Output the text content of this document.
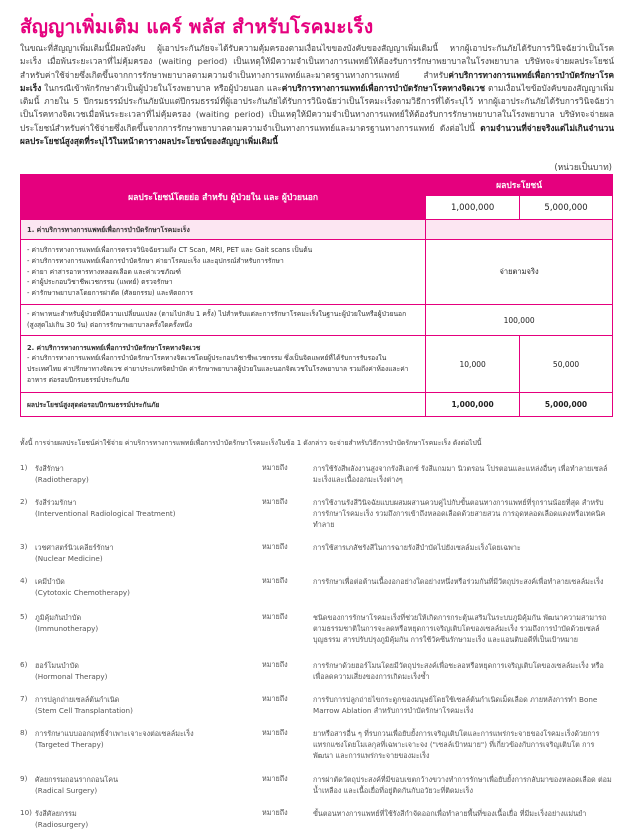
สัญญาเพิ่มเติม แคร์ พลัส สำหรับโรคมะเร็ง
ในขณะที่สัญญาเพิ่มเติมนี้มีผลบังคับ ผู้เอาประกันภัยจะได้รับความคุ้มครองตามเงื่อนไขของบังคับของสัญญาเพิ่มเติมนี้ หากผู้เอาประกันภัยได้รับการวินิจฉัยว่าเป็นโรคมะเร็ง เมื่อพ้นระยะเวลาที่ไม่คุ้มครอง (waiting period) เป็นเหตุให้มีความจำเป็นทางการแพทย์ให้ต้องรับการรักษาพยาบาลในโรงพยาบาล บริษัทจะจ่ายผลประโยชน์สำหรับค่าใช้จ่ายซึ่งเกิดขึ้นจากการรักษาพยาบาลตามความจำเป็นทางการแพทย์และมาตรฐานทางการแพทย์ สำหรับค่าบริการทางการแพทย์เพื่อการบำบัดรักษาโรคมะเร็ง ในกรณีเข้าพักรักษาตัวเป็นผู้ป่วยในโรงพยาบาล หรือผู้ป่วยนอก และค่าบริการทางการแพทย์เพื่อการบำบัดรักษาโรคทางจิตเวช ตามเงื่อนไขข้อบังคับของสัญญาเพิ่มเติมนี้ ภายใน 5 ปีกรมธรรม์ประกันภัยนับแต่ปีกรมธรรม์ที่ผู้เอาประกันภัยได้รับการวินิจฉัยว่าเป็นโรคมะเร็งตามวิธีการที่ได้ระบุไว้ หากผู้เอาประกันภัยได้รับการวินิจฉัยว่าเป็นโรคทางจิตเวชเมื่อพ้นระยะเวลาที่ไม่คุ้มครอง (waiting period) เป็นเหตุให้มีความจำเป็นทางการแพทย์ให้ต้องรับการรักษาพยาบาลในโรงพยาบาล บริษัทจะจ่ายผลประโยชน์สำหรับค่าใช้จ่ายซึ่งเกิดขึ้นจากการรักษาพยาบาลตามความจำเป็นทางการแพทย์และมาตรฐานทางการแพทย์ ดังต่อไปนี้ ตามจำนวนที่จ่ายจริงแต่ไม่เกินจำนวนผลประโยชน์สูงสุดที่ระบุไว้ในหน้าตารางผลประโยชน์ของสัญญาเพิ่มเติมนี้
(หน่วยเป็นบาท)
ผลประโยชน์โดยย่อ สำหรับ ผู้ป่วยใน และ ผู้ป่วยนอก	ผลประโยชน์	
	1,000,000	5,000,000
1. ค่าบริการทางการแพทย์เพื่อการบำบัดรักษาโรคมะเร็ง		

- ค่าบริการทางการแพทย์เพื่อการตรวจวินิจฉัยรวมถึง CT Scan, MRI, PET และ Gait scans เป็นต้น
- ค่าบริการทางการแพทย์เพื่อการบำบัดรักษา ค่ายาโรคมะเร็ง และอุปกรณ์สำหรับการรักษา
- ค่ายา ค่าสารอาหารทางหลอดเลือด และค่าเวชภัณฑ์
- ค่าผู้ประกอบวิชาชีพเวชกรรม (แพทย์) ตรวจรักษา
- ค่ารักษาพยาบาลโดยการผ่าตัด (ศัลยกรรม) และหัตถการ	จ่ายตามจริง	

- ค่าพาหนะสำหรับผู้ป่วยที่มีความเปลี่ยนแปลง (ตามไปกลับ 1 ครั้ง) ไปสำหรับแต่ละการรักษาโรคมะเร็งในฐานะผู้ป่วยในหรือผู้ป่วยนอก (สูงสุดไม่เกิน 30 วัน) ต่อการรักษาพยาบาลครั้งใดครั้งหนึ่ง	100,000	

2. ค่าบริการทางการแพทย์เพื่อการบำบัดรักษาโรคทางจิตเวช
- ค่าบริการทางการแพทย์เพื่อการบำบัดรักษาโรคทางจิตเวชโดยผู้ประกอบวิชาชีพเวชกรรม ซึ่งเป็นจิตแพทย์ที่ได้รับการรับรองในประเทศไทย ค่าปรึกษาทางจิตเวช ค่ายาประเภทจิตบำบัด ค่ารักษาพยาบาลผู้ป่วยในและนอกจิตเวชในโรงพยาบาล รวมถึงค่าห้องและค่าอาหาร ต่อรอบปีกรมธรรม์ประกันภัย	10,000	50,000
ผลประโยชน์สูงสุดต่อรอบปีกรมธรรม์ประกันภัย	1,000,000	5,000,000
ทั้งนี้ การจ่ายผลประโยชน์ค่าใช้จ่าย ค่าบริการทางการแพทย์เพื่อการบำบัดรักษาโรคมะเร็งในข้อ 1 ดังกล่าว จะจ่ายสำหรับวิธีการบำบัดรักษาโรคมะเร็ง ดังต่อไปนี้
1)	รังสีรักษา
(Radiotherapy)
หมายถึง	การใช้รังสีพลังงานสูงจากรังสีเอกซ์ รังสีแกมมา นิวตรอน โปรตอนและแหล่งอื่นๆ เพื่อทำลายเซลล์มะเร็งและเนื้องอกมะเร็งต่างๆ
2)	รังสีร่วมรักษา
(Interventional Radiological Treatment)
หมายถึง	การใช้งานรังสีวินิจฉัยแบบผสมผสานควบคู่ไปกับขั้นตอนทางการแพทย์ที่รุกรานน้อยที่สุด สำหรับการรักษาโรคมะเร็ง รวมถึงการเข้าถึงหลอดเลือดด้วยสายสวน การอุดหลอดเลือดแดงหรือเทคนิคทำลาย
3)	เวชศาสตร์นิวเคลียร์รักษา
(Nuclear Medicine)
หมายถึง	การใช้สารเภสัชรังสีในการฉายรังสีบำบัดไปยังเซลล์มะเร็งโดยเฉพาะ
4)	เคมีบำบัด
(Cytotoxic Chemotherapy)
หมายถึง	การรักษาเพื่อต่อต้านเนื้องอกอย่างใดอย่างหนึ่งหรือร่วมกันที่มีวัตถุประสงค์เพื่อทำลายเซลล์มะเร็ง
5)	ภูมิคุ้มกันบำบัด
(Immunotherapy)
หมายถึง	ชนิดของการรักษาโรคมะเร็งที่ช่วยให้เกิดการกระตุ้นเสริมในระบบภูมิคุ้มกัน พัฒนาความสามารถตามธรรมชาติในการจะลดหรือหยุดการเจริญเติบโตของเซลล์มะเร็ง รวมถึงการบำบัดด้วยเซลล์ บุญธรรม สารปรับปรุงภูมิคุ้มกัน การใช้วัคซีนรักษามะเร็ง และแอนติบอดีที่เป็นเป้าหมาย
6)	ฮอร์โมนบำบัด
(Hormonal Therapy)
หมายถึง	การรักษาด้วยฮอร์โมนโดยมีวัตถุประสงค์เพื่อชะลอหรือหยุดการเจริญเติบโตของเซลล์มะเร็ง หรือเพื่อลดความเสี่ยงของการเกิดมะเร็งซ้ำ
7)	การปลูกถ่ายเซลล์ต้นกำเนิด
(Stem Cell Transplantation)
หมายถึง	การรับการปลูกถ่ายไขกระดูกของมนุษย์โดยใช้เซลล์ต้นกำเนิดเม็ดเลือด ภายหลังการทำ Bone Marrow Ablation สำหรับการบำบัดรักษาโรคมะเร็ง
8)	การรักษาแบบออกฤทธิ์จำเพาะเจาะจงต่อเซลล์มะเร็ง
(Targeted Therapy)
หมายถึง	ยาหรือสารอื่น ๆ ที่รบกวนเพื่อยับยั้งการเจริญเติบโตและการแพร่กระจายของโรคมะเร็งด้วยการแทรกแซงโดยโมเลกุลที่เฉพาะเจาะจง ("เซลล์เป้าหมาย") ที่เกี่ยวข้องกับการเจริญเติบโต การพัฒนา และการแพร่กระจายของมะเร็ง
9)	ศัลยกรรมถอนรากถอนโคน
(Radical Surgery)
หมายถึง	การผ่าตัดวัตถุประสงค์ที่มีขอบเขตกว้างขวางทำการรักษาเพื่อยับยั้งการกลับมาของหลอดเลือด ต่อมน้ำเหลือง และเนื้อเยื่อที่อยู่ติดกันกับอวัยวะที่ติดมะเร็ง
10) รังสีศัลยกรรม
(Radiosurgery)
หมายถึง	ขั้นตอนทางการแพทย์ที่ใช้รังสีกำจัดออกเพื่อทำลายพื้นที่ของเนื้อเยื่อ ที่มีมะเร็งอย่างแม่นยำ
